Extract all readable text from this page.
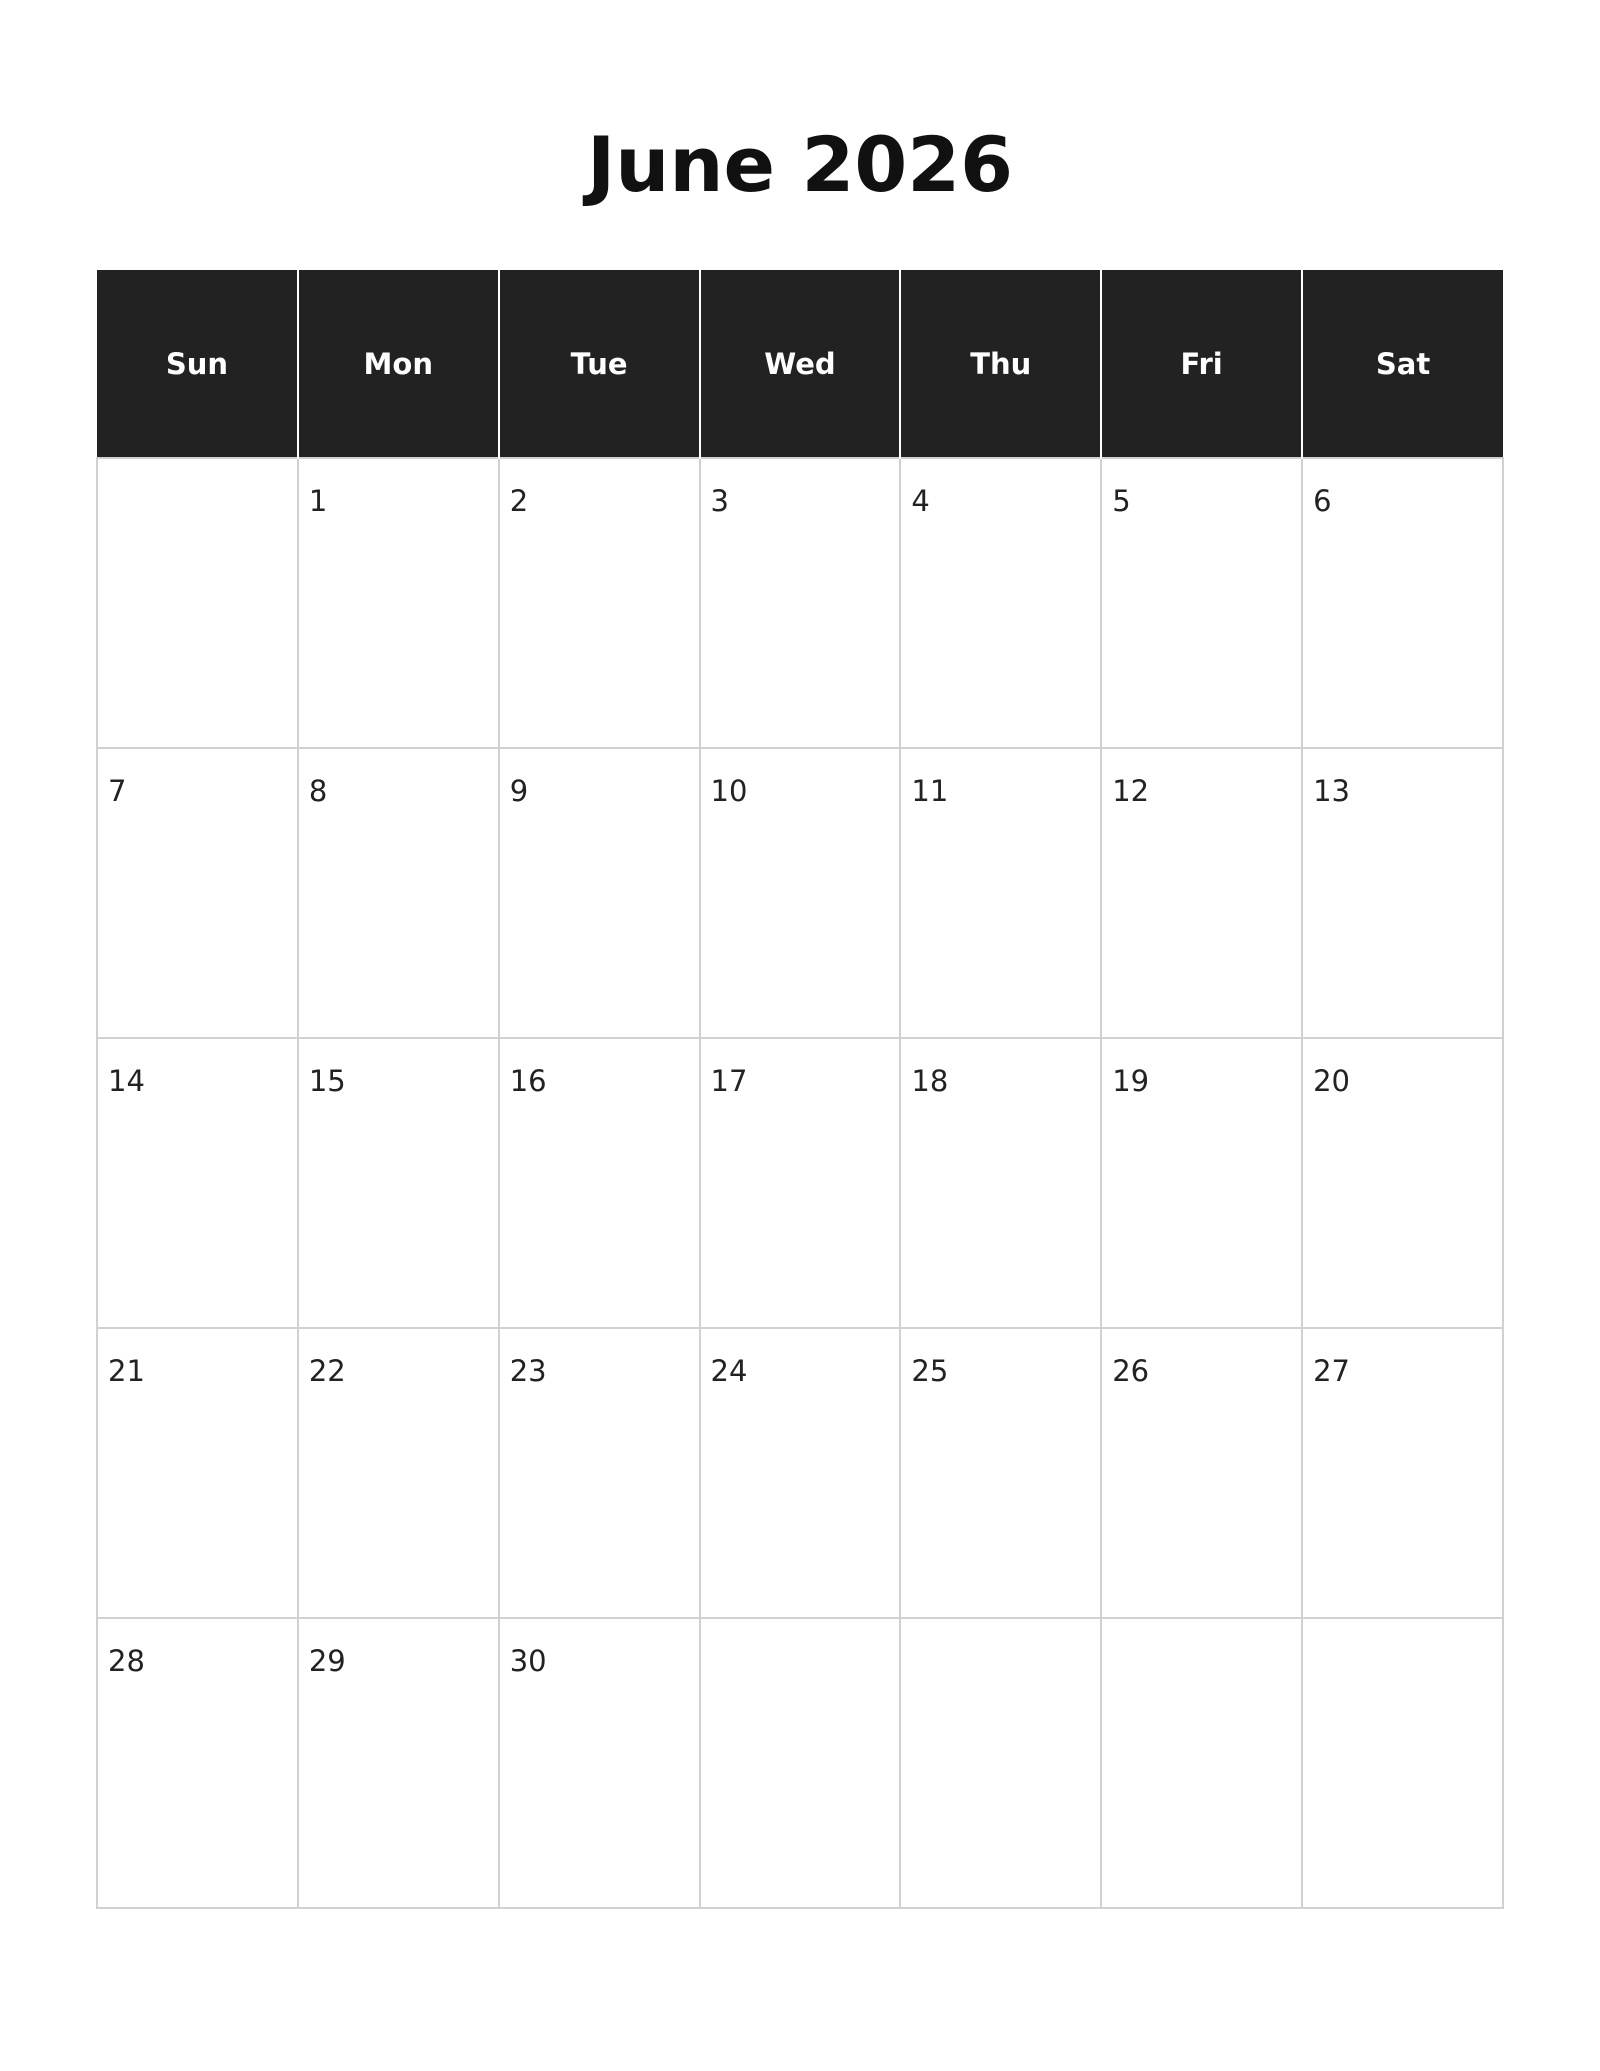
June 2026
Sun	Mon	Tue	Wed	Thu	Fri	Sat

	1	2	3	4	5	6

7	8	9	10	11	12	13

14	15	16	17	18	19	20

21	22	23	24	25	26	27

28	29	30				
